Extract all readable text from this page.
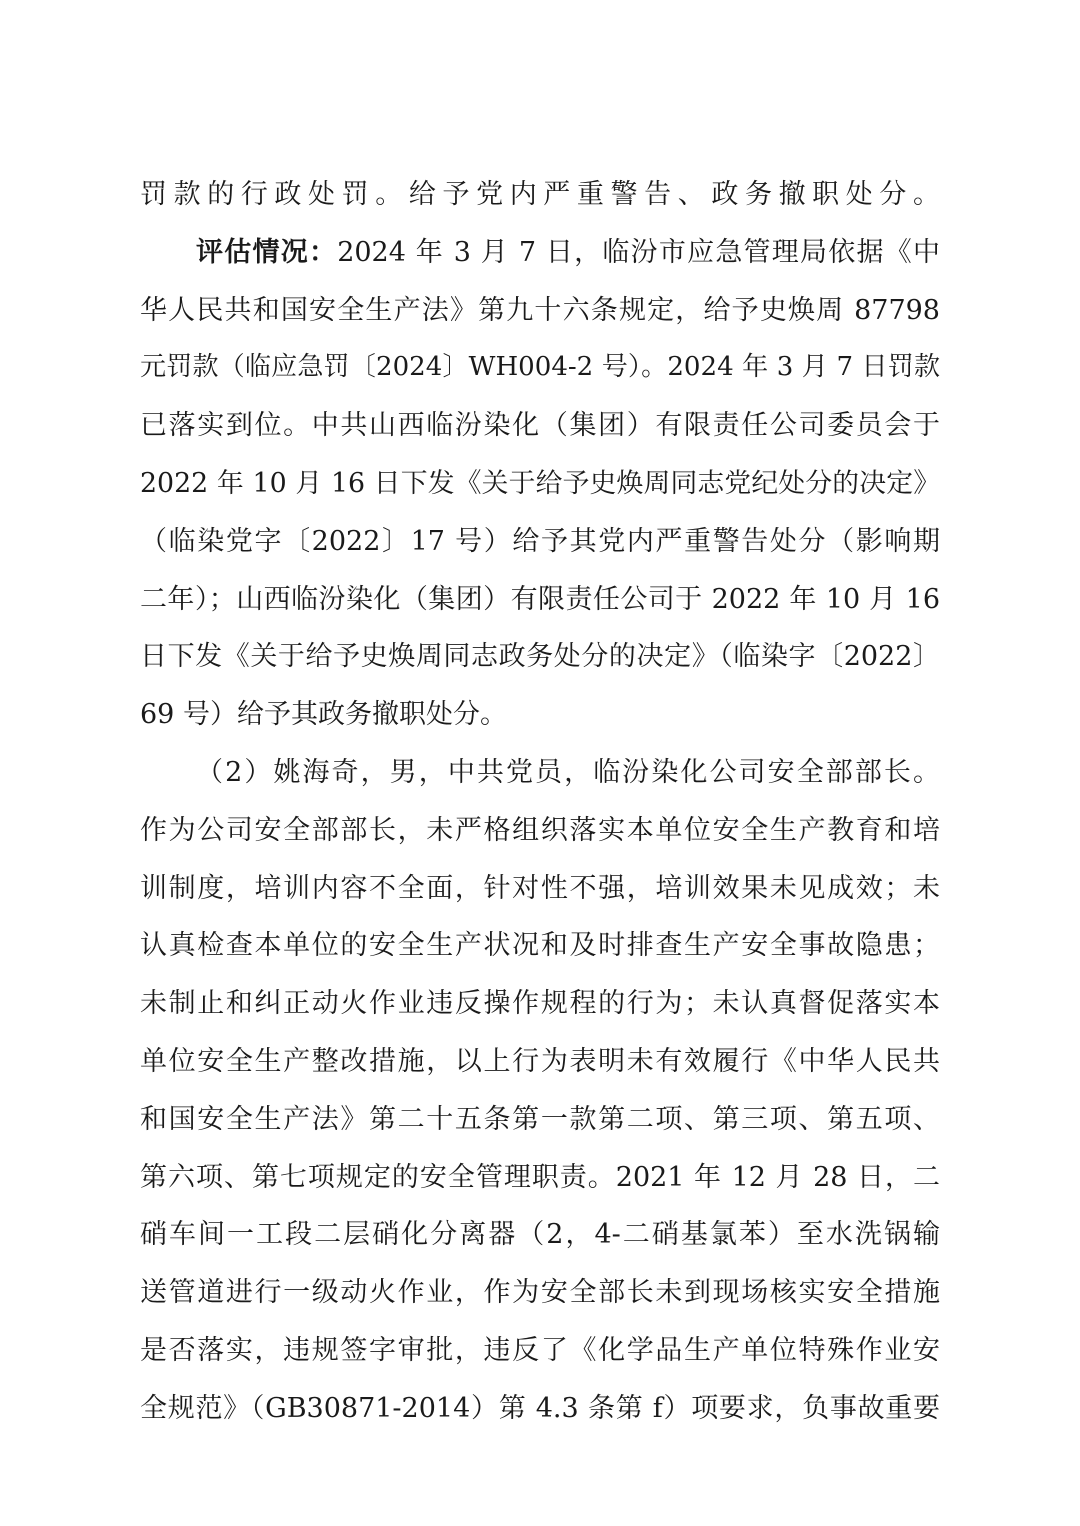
罚款的行政处罚。给予党内严重警告、政务撤职处分。
评估情况：2024 年 3 月 7 日，临汾市应急管理局依据《中
华人民共和国安全生产法》第九十六条规定，给予史焕周 87798
元罚款（临应急罚〔2024〕WH004-2 号）。2024 年 3 月 7 日罚款
已落实到位。中共山西临汾染化（集团）有限责任公司委员会于
2022 年 10 月 16 日下发《关于给予史焕周同志党纪处分的决定》
（临染党字〔2022〕17 号）给予其党内严重警告处分（影响期
二年）；山西临汾染化（集团）有限责任公司于 2022 年 10 月 16
日下发《关于给予史焕周同志政务处分的决定》（临染字〔2022〕
69 号）给予其政务撤职处分。
（2）姚海奇，男，中共党员，临汾染化公司安全部部长。
作为公司安全部部长，未严格组织落实本单位安全生产教育和培
训制度，培训内容不全面，针对性不强，培训效果未见成效；未
认真检查本单位的安全生产状况和及时排查生产安全事故隐患；
未制止和纠正动火作业违反操作规程的行为；未认真督促落实本
单位安全生产整改措施，以上行为表明未有效履行《中华人民共
和国安全生产法》第二十五条第一款第二项、第三项、第五项、
第六项、第七项规定的安全管理职责。2021 年 12 月 28 日，二
硝车间一工段二层硝化分离器（2，4-二硝基氯苯）至水洗锅输
送管道进行一级动火作业，作为安全部长未到现场核实安全措施
是否落实，违规签字审批，违反了《化学品生产单位特殊作业安
全规范》（GB30871-2014）第 4.3 条第 f）项要求，负事故重要
